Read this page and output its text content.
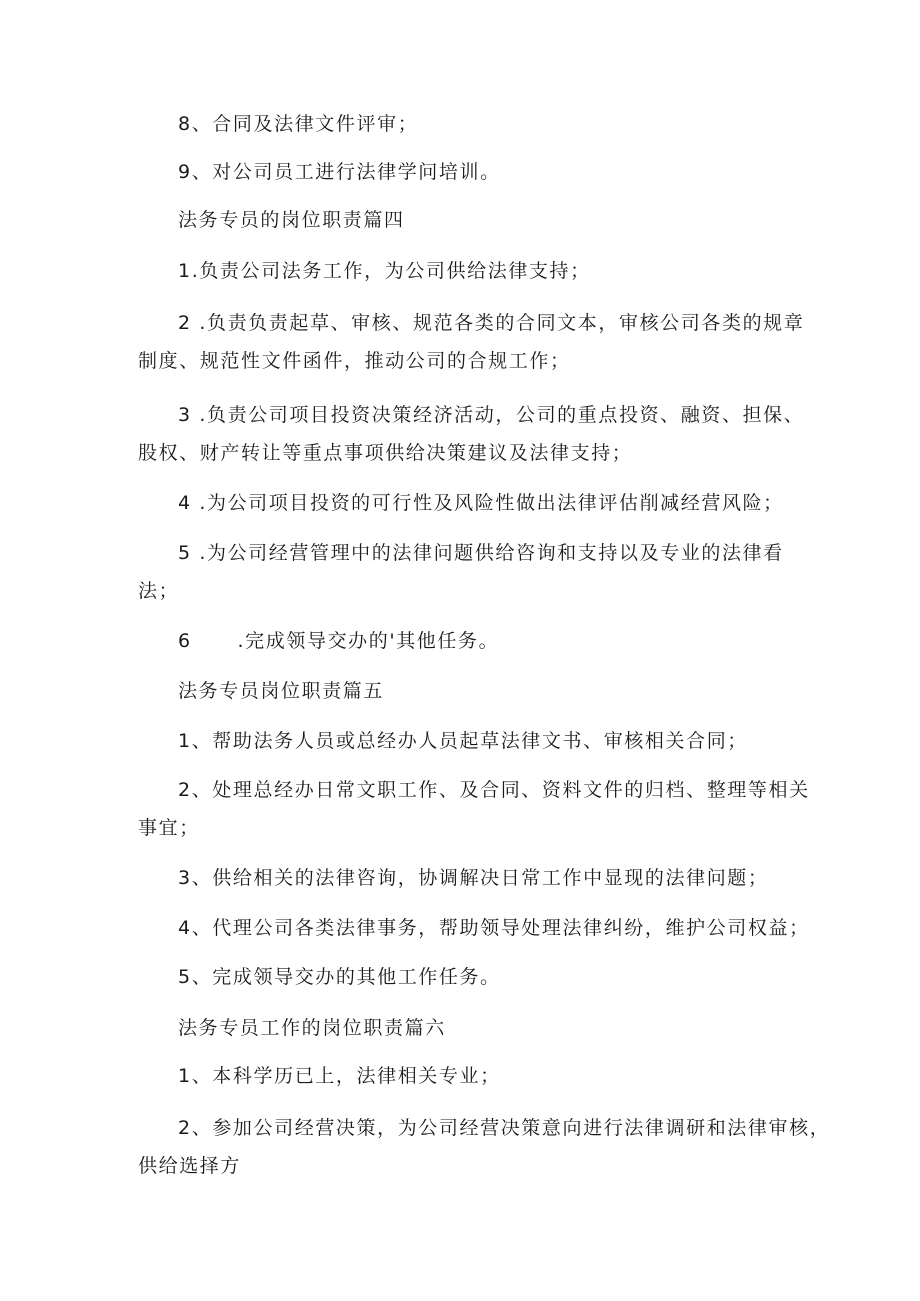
8、合同及法律文件评审；
9、对公司员工进行法律学问培训。
法务专员的岗位职责篇四
1.负责公司法务工作，为公司供给法律支持；
2 .负责负责起草、审核、规范各类的合同文本，审核公司各类的规章
制度、规范性文件函件，推动公司的合规工作；
3 .负责公司项目投资决策经济活动，公司的重点投资、融资、担保、
股权、财产转让等重点事项供给决策建议及法律支持；
4 .为公司项目投资的可行性及风险性做出法律评估削减经营风险；
5 .为公司经营管理中的法律问题供给咨询和支持以及专业的法律看
法；
6      .完成领导交办的'其他任务。
法务专员岗位职责篇五
1、帮助法务人员或总经办人员起草法律文书、审核相关合同；
2、处理总经办日常文职工作、及合同、资料文件的归档、整理等相关
事宜；
3、供给相关的法律咨询，协调解决日常工作中显现的法律问题；
4、代理公司各类法律事务，帮助领导处理法律纠纷，维护公司权益；
5、完成领导交办的其他工作任务。
法务专员工作的岗位职责篇六
1、本科学历已上，法律相关专业；
2、参加公司经营决策，为公司经营决策意向进行法律调研和法律审核，
供给选择方
